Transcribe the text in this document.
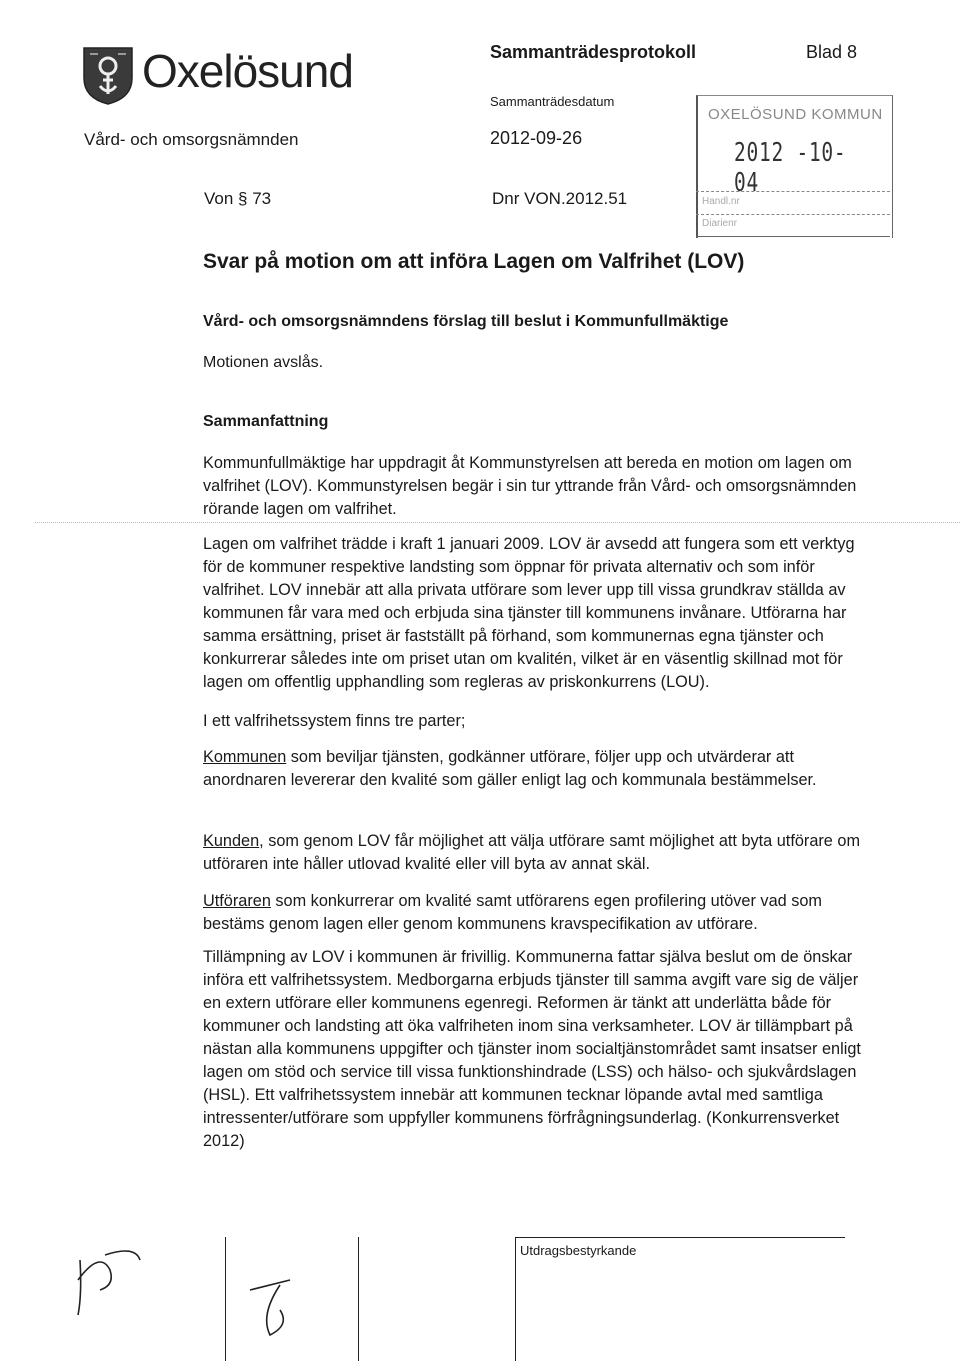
Oxelösund
Vård- och omsorgsnämnden
Von § 73
Sammanträdesprotokoll	Blad 8
Sammanträdesdatum
2012-09-26
Dnr VON.2012.51
OXELÖSUND KOMMUN
2012 -10- 04
Handl.nr
Diarienr
Svar på motion om att införa Lagen om Valfrihet (LOV)
Vård- och omsorgsnämndens förslag till beslut i Kommunfullmäktige
Motionen avslås.
Sammanfattning

Kommunfullmäktige har uppdragit åt Kommunstyrelsen att bereda en motion om lagen om valfrihet (LOV). Kommunstyrelsen begär i sin tur yttrande från Vård- och omsorgsnämnden rörande lagen om valfrihet.

Lagen om valfrihet trädde i kraft 1 januari 2009. LOV är avsedd att fungera som ett verktyg för de kommuner respektive landsting som öppnar för privata alternativ och som inför valfrihet. LOV innebär att alla privata utförare som lever upp till vissa grundkrav ställda av kommunen får vara med och erbjuda sina tjänster till kommunens invånare. Utförarna har samma ersättning, priset är fastställt på förhand, som kommunernas egna tjänster och konkurrerar således inte om priset utan om kvalitén, vilket är en väsentlig skillnad mot för lagen om offentlig upphandling som regleras av priskonkurrens (LOU).

I ett valfrihetssystem finns tre parter;

Kommunen som beviljar tjänsten, godkänner utförare, följer upp och utvärderar att anordnaren levererar den kvalité som gäller enligt lag och kommunala bestämmelser.

Kunden, som genom LOV får möjlighet att välja utförare samt möjlighet att byta utförare om utföraren inte håller utlovad kvalité eller vill byta av annat skäl.

Utföraren som konkurrerar om kvalité samt utförarens egen profilering utöver vad som bestäms genom lagen eller genom kommunens kravspecifikation av utförare.

Tillämpning av LOV i kommunen är frivillig. Kommunerna fattar själva beslut om de önskar införa ett valfrihetssystem. Medborgarna erbjuds tjänster till samma avgift vare sig de väljer en extern utförare eller kommunens egenregi. Reformen är tänkt att underlätta både för kommuner och landsting att öka valfriheten inom sina verksamheter. LOV är tillämpbart på nästan alla kommunens uppgifter och tjänster inom socialtjänstområdet samt insatser enligt lagen om stöd och service till vissa funktionshindrade (LSS) och hälso- och sjukvårdslagen (HSL). Ett valfrihetssystem innebär att kommunen tecknar löpande avtal med samtliga intressenter/utförare som uppfyller kommunens förfrågningsunderlag. (Konkurrensverket 2012)

Utdragsbestyrkande
